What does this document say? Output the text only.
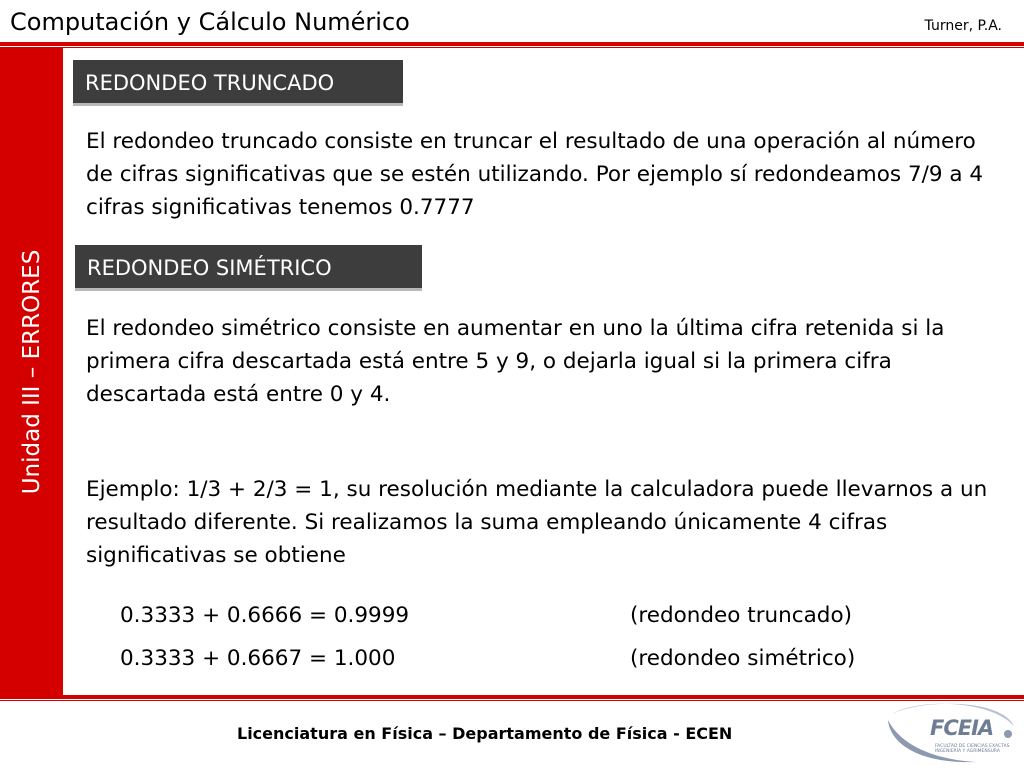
Computación y Cálculo Numérico	Turner, P.A.
Unidad III – ERRORES
REDONDEO TRUNCADO
El redondeo truncado consiste en truncar el resultado de una operación al número de cifras significativas que se estén utilizando. Por ejemplo sí redondeamos 7/9 a 4 cifras significativas tenemos 0.7777
REDONDEO SIMÉTRICO
El redondeo simétrico consiste en aumentar en uno la última cifra retenida si la primera cifra descartada está entre 5 y 9, o dejarla igual si la primera cifra descartada está entre 0 y 4.
Ejemplo: 1/3 + 2/3 = 1, su resolución mediante la calculadora puede llevarnos a un resultado diferente. Si realizamos la suma empleando únicamente 4 cifras significativas se obtiene
0.3333 + 0.6666 = 0.9999	(redondeo truncado)
0.3333 + 0.6667 = 1.000	(redondeo simétrico)
Licenciatura en Física – Departamento de Física - ECEN	FCEIA
FACULTAD DE CIENCIAS EXACTAS INGENIERÍA Y AGRIMENSURA
